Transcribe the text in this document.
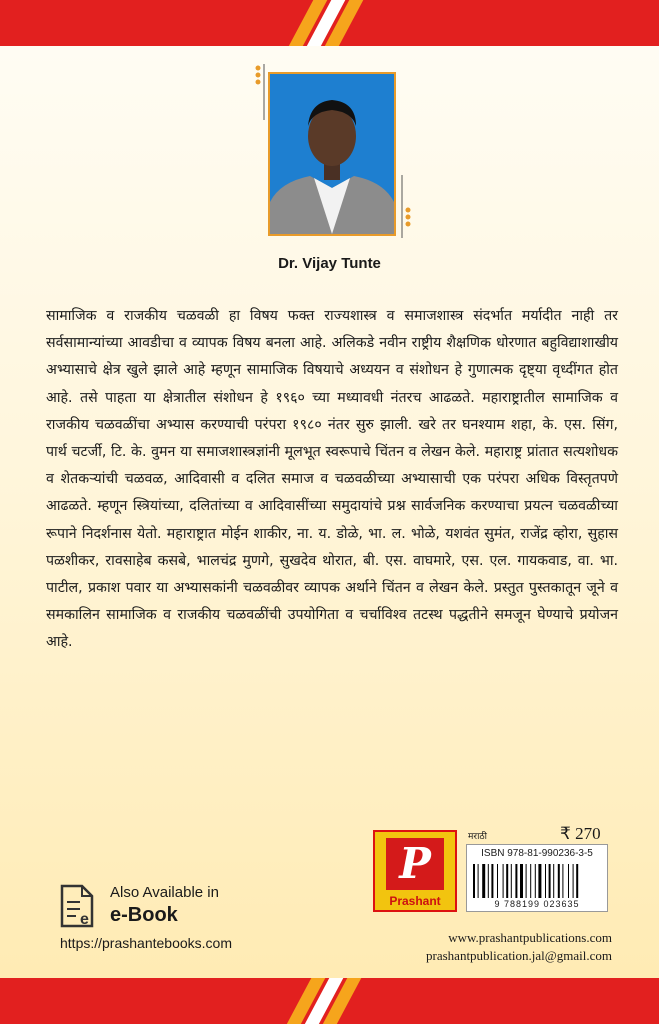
Dr. Vijay Tunte
सामाजिक व राजकीय चळवळी हा विषय फक्त राज्यशास्त्र व समाजशास्त्र संदर्भात मर्यादीत नाही तर सर्वसामान्यांच्या आवडीचा व व्यापक विषय बनला आहे. अलिकडे नवीन राष्ट्रीय शैक्षणिक धोरणात बहुविद्याशाखीय अभ्यासाचे क्षेत्र खुले झाले आहे म्हणून सामाजिक विषयाचे अध्ययन व संशोधन हे गुणात्मक दृष्ट्या वृध्दींगत होत आहे. तसे पाहता या क्षेत्रातील संशोधन हे १९६० च्या मध्यावधी नंतरच आढळते. महाराष्ट्रातील सामाजिक व राजकीय चळवळींचा अभ्यास करण्याची परंपरा १९८० नंतर सुरु झाली. खरे तर घनश्याम शहा, के. एस. सिंग, पार्थ चटर्जी, टि. के. वुमन या समाजशास्त्रज्ञांनी मूलभूत स्वरूपाचे चिंतन व लेखन केले. महाराष्ट्र प्रांतात सत्यशोधक व शेतकऱ्यांची चळवळ, आदिवासी व दलित समाज व चळवळीच्या अभ्यासाची एक परंपरा अधिक विस्तृतपणे आढळते. म्हणून स्त्रियांच्या, दलितांच्या व आदिवासींच्या समुदायांचे प्रश्न सार्वजनिक करण्याचा प्रयत्न चळवळीच्या रूपाने निदर्शनास येतो. महाराष्ट्रात मोईन शाकीर, ना. य. डोळे, भा. ल. भोळे, यशवंत सुमंत, राजेंद्र व्होरा, सुहास पळशीकर, रावसाहेब कसबे, भालचंद्र मुणगे, सुखदेव थोरात, बी. एस. वाघमारे, एस. एल. गायकवाड, वा. भा. पाटील, प्रकाश पवार या अभ्यासकांनी चळवळीवर व्यापक अर्थाने चिंतन व लेखन केले. प्रस्तुत पुस्तकातून जूने व समकालिन सामाजिक व राजकीय चळवळींची उपयोगिता व चर्चाविश्व तटस्थ पद्धतीने समजून घेण्याचे प्रयोजन आहे.
e
Also Available in
e-Book
https://prashantebooks.com
P
Prashant
मराठी	₹ 270
ISBN 978-81-990236-3-5
9 788199 023635
www.prashantpublications.com
prashantpublication.jal@gmail.com
